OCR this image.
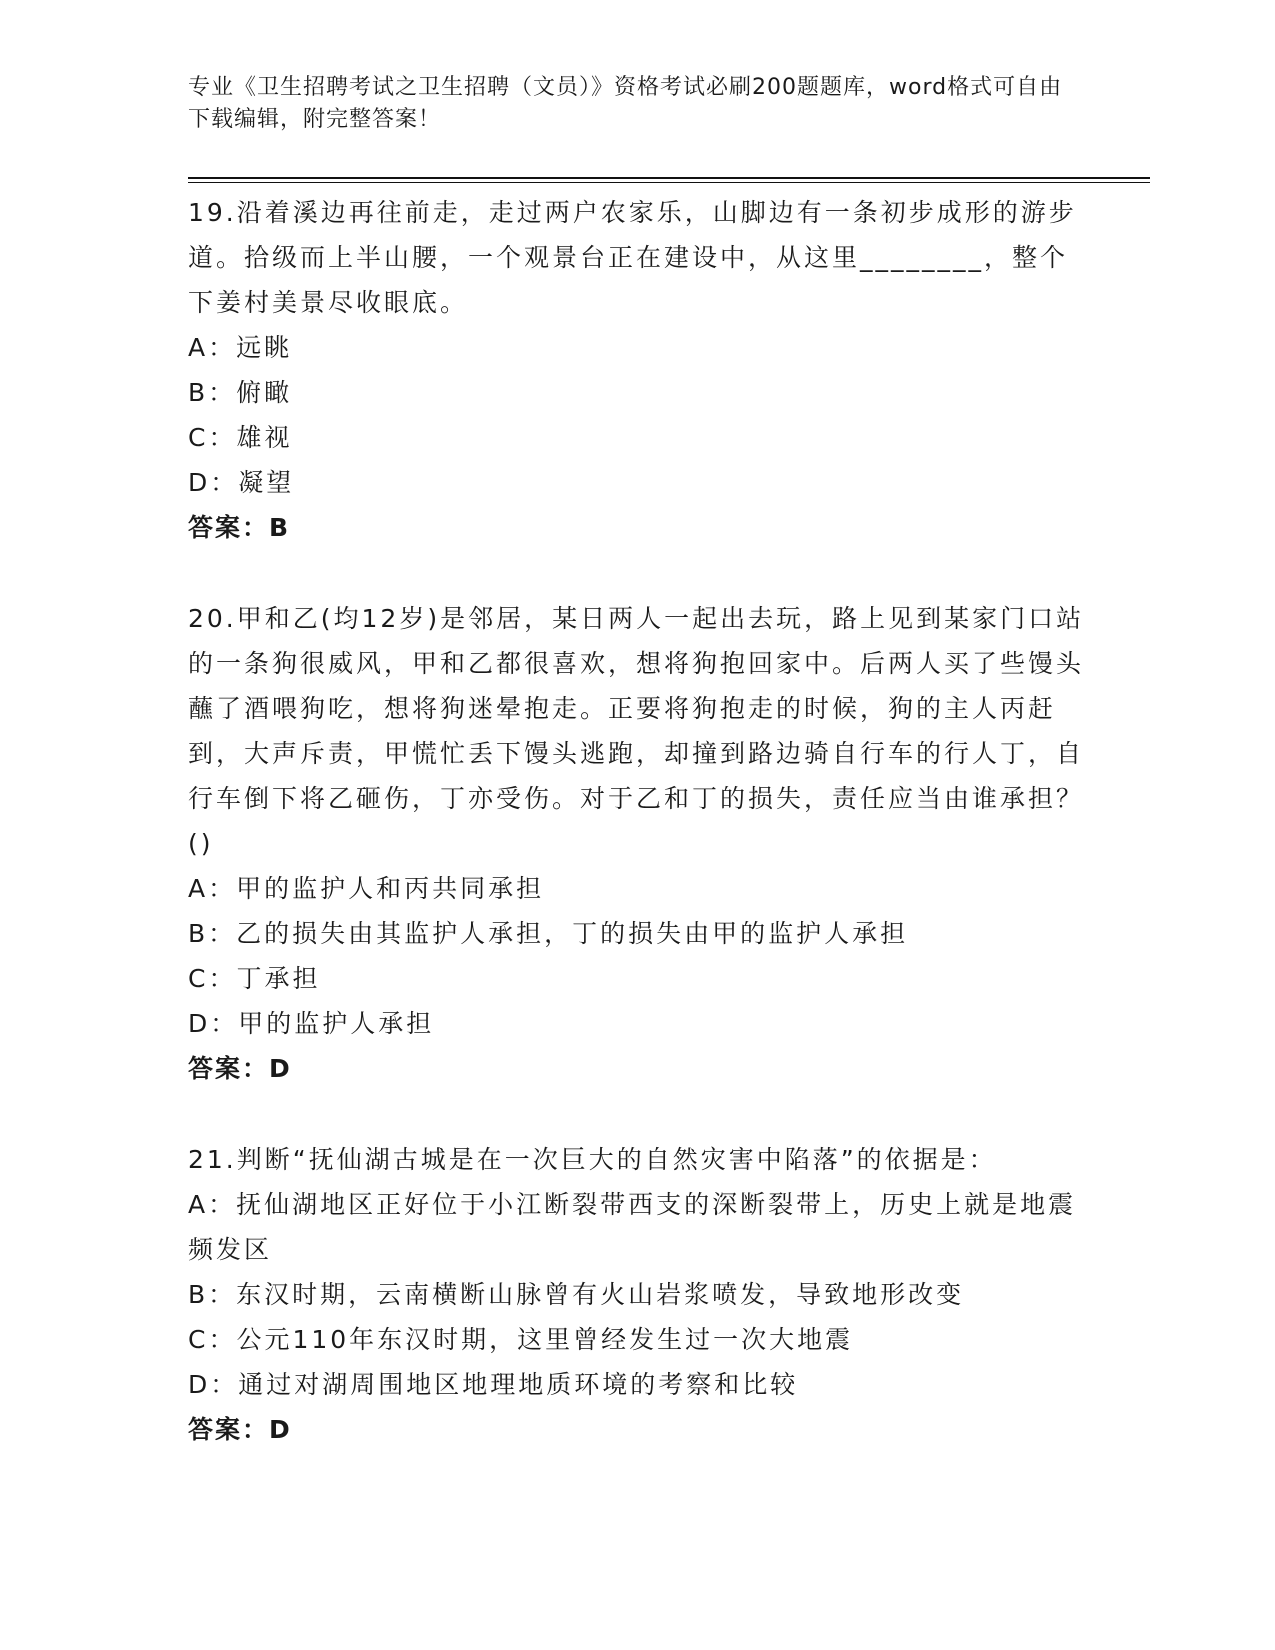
专业《卫生招聘考试之卫生招聘（文员）》资格考试必刷200题题库，word格式可自由下载编辑，附完整答案！
19.沿着溪边再往前走，走过两户农家乐，山脚边有一条初步成形的游步道。拾级而上半山腰，一个观景台正在建设中，从这里________，整个下姜村美景尽收眼底。
A：远眺
B：俯瞰
C：雄视
D：凝望
答案：B
20.甲和乙(均12岁)是邻居，某日两人一起出去玩，路上见到某家门口站的一条狗很威风，甲和乙都很喜欢，想将狗抱回家中。后两人买了些馒头蘸了酒喂狗吃，想将狗迷晕抱走。正要将狗抱走的时候，狗的主人丙赶到，大声斥责，甲慌忙丢下馒头逃跑，却撞到路边骑自行车的行人丁，自行车倒下将乙砸伤，丁亦受伤。对于乙和丁的损失，责任应当由谁承担？()
A：甲的监护人和丙共同承担
B：乙的损失由其监护人承担，丁的损失由甲的监护人承担
C：丁承担
D：甲的监护人承担
答案：D
21.判断“抚仙湖古城是在一次巨大的自然灾害中陷落”的依据是：
A：抚仙湖地区正好位于小江断裂带西支的深断裂带上，历史上就是地震频发区
B：东汉时期，云南横断山脉曾有火山岩浆喷发，导致地形改变
C：公元110年东汉时期，这里曾经发生过一次大地震
D：通过对湖周围地区地理地质环境的考察和比较
答案：D
